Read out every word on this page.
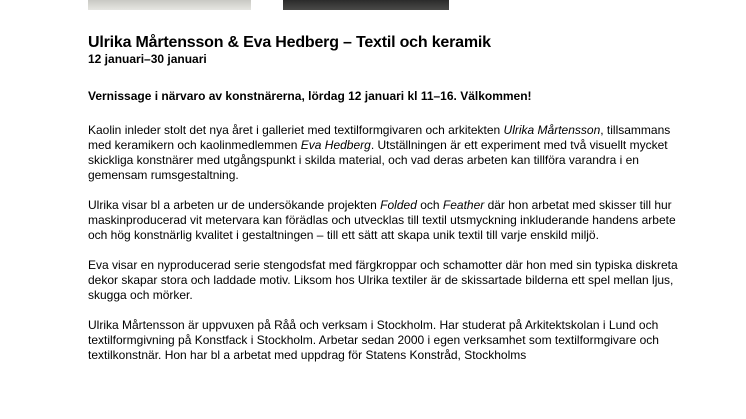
Ulrika Mårtensson & Eva Hedberg – Textil och keramik
12 januari–30 januari
Vernissage i närvaro av konstnärerna, lördag 12 januari kl 11–16. Välkommen!

Kaolin inleder stolt det nya året i galleriet med textilformgivaren och arkitekten Ulrika Mårtensson, tillsammans med keramikern och kaolinmedlemmen Eva Hedberg. Utställningen är ett experiment med två visuellt mycket skickliga konstnärer med utgångspunkt i skilda material, och vad deras arbeten kan tillföra varandra i en gemensam rumsgestaltning.

Ulrika visar bl a arbeten ur de undersökande projekten Folded och Feather där hon arbetat med skisser till hur maskinproducerad vit metervara kan förädlas och utvecklas till textil utsmyckning inkluderande handens arbete och hög konstnärlig kvalitet i gestaltningen – till ett sätt att skapa unik textil till varje enskild miljö.

Eva visar en nyproducerad serie stengodsfat med färgkroppar och schamotter där hon med sin typiska diskreta dekor skapar stora och laddade motiv. Liksom hos Ulrika textiler är de skissartade bilderna ett spel mellan ljus, skugga och mörker.

Ulrika Mårtensson är uppvuxen på Råå och verksam i Stockholm. Har studerat på Arkitektskolan i Lund och textilformgivning på Konstfack i Stockholm. Arbetar sedan 2000 i egen verksamhet som textilformgivare och textilkonstnär. Hon har bl a arbetat med uppdrag för Statens Konstråd, Stockholms
